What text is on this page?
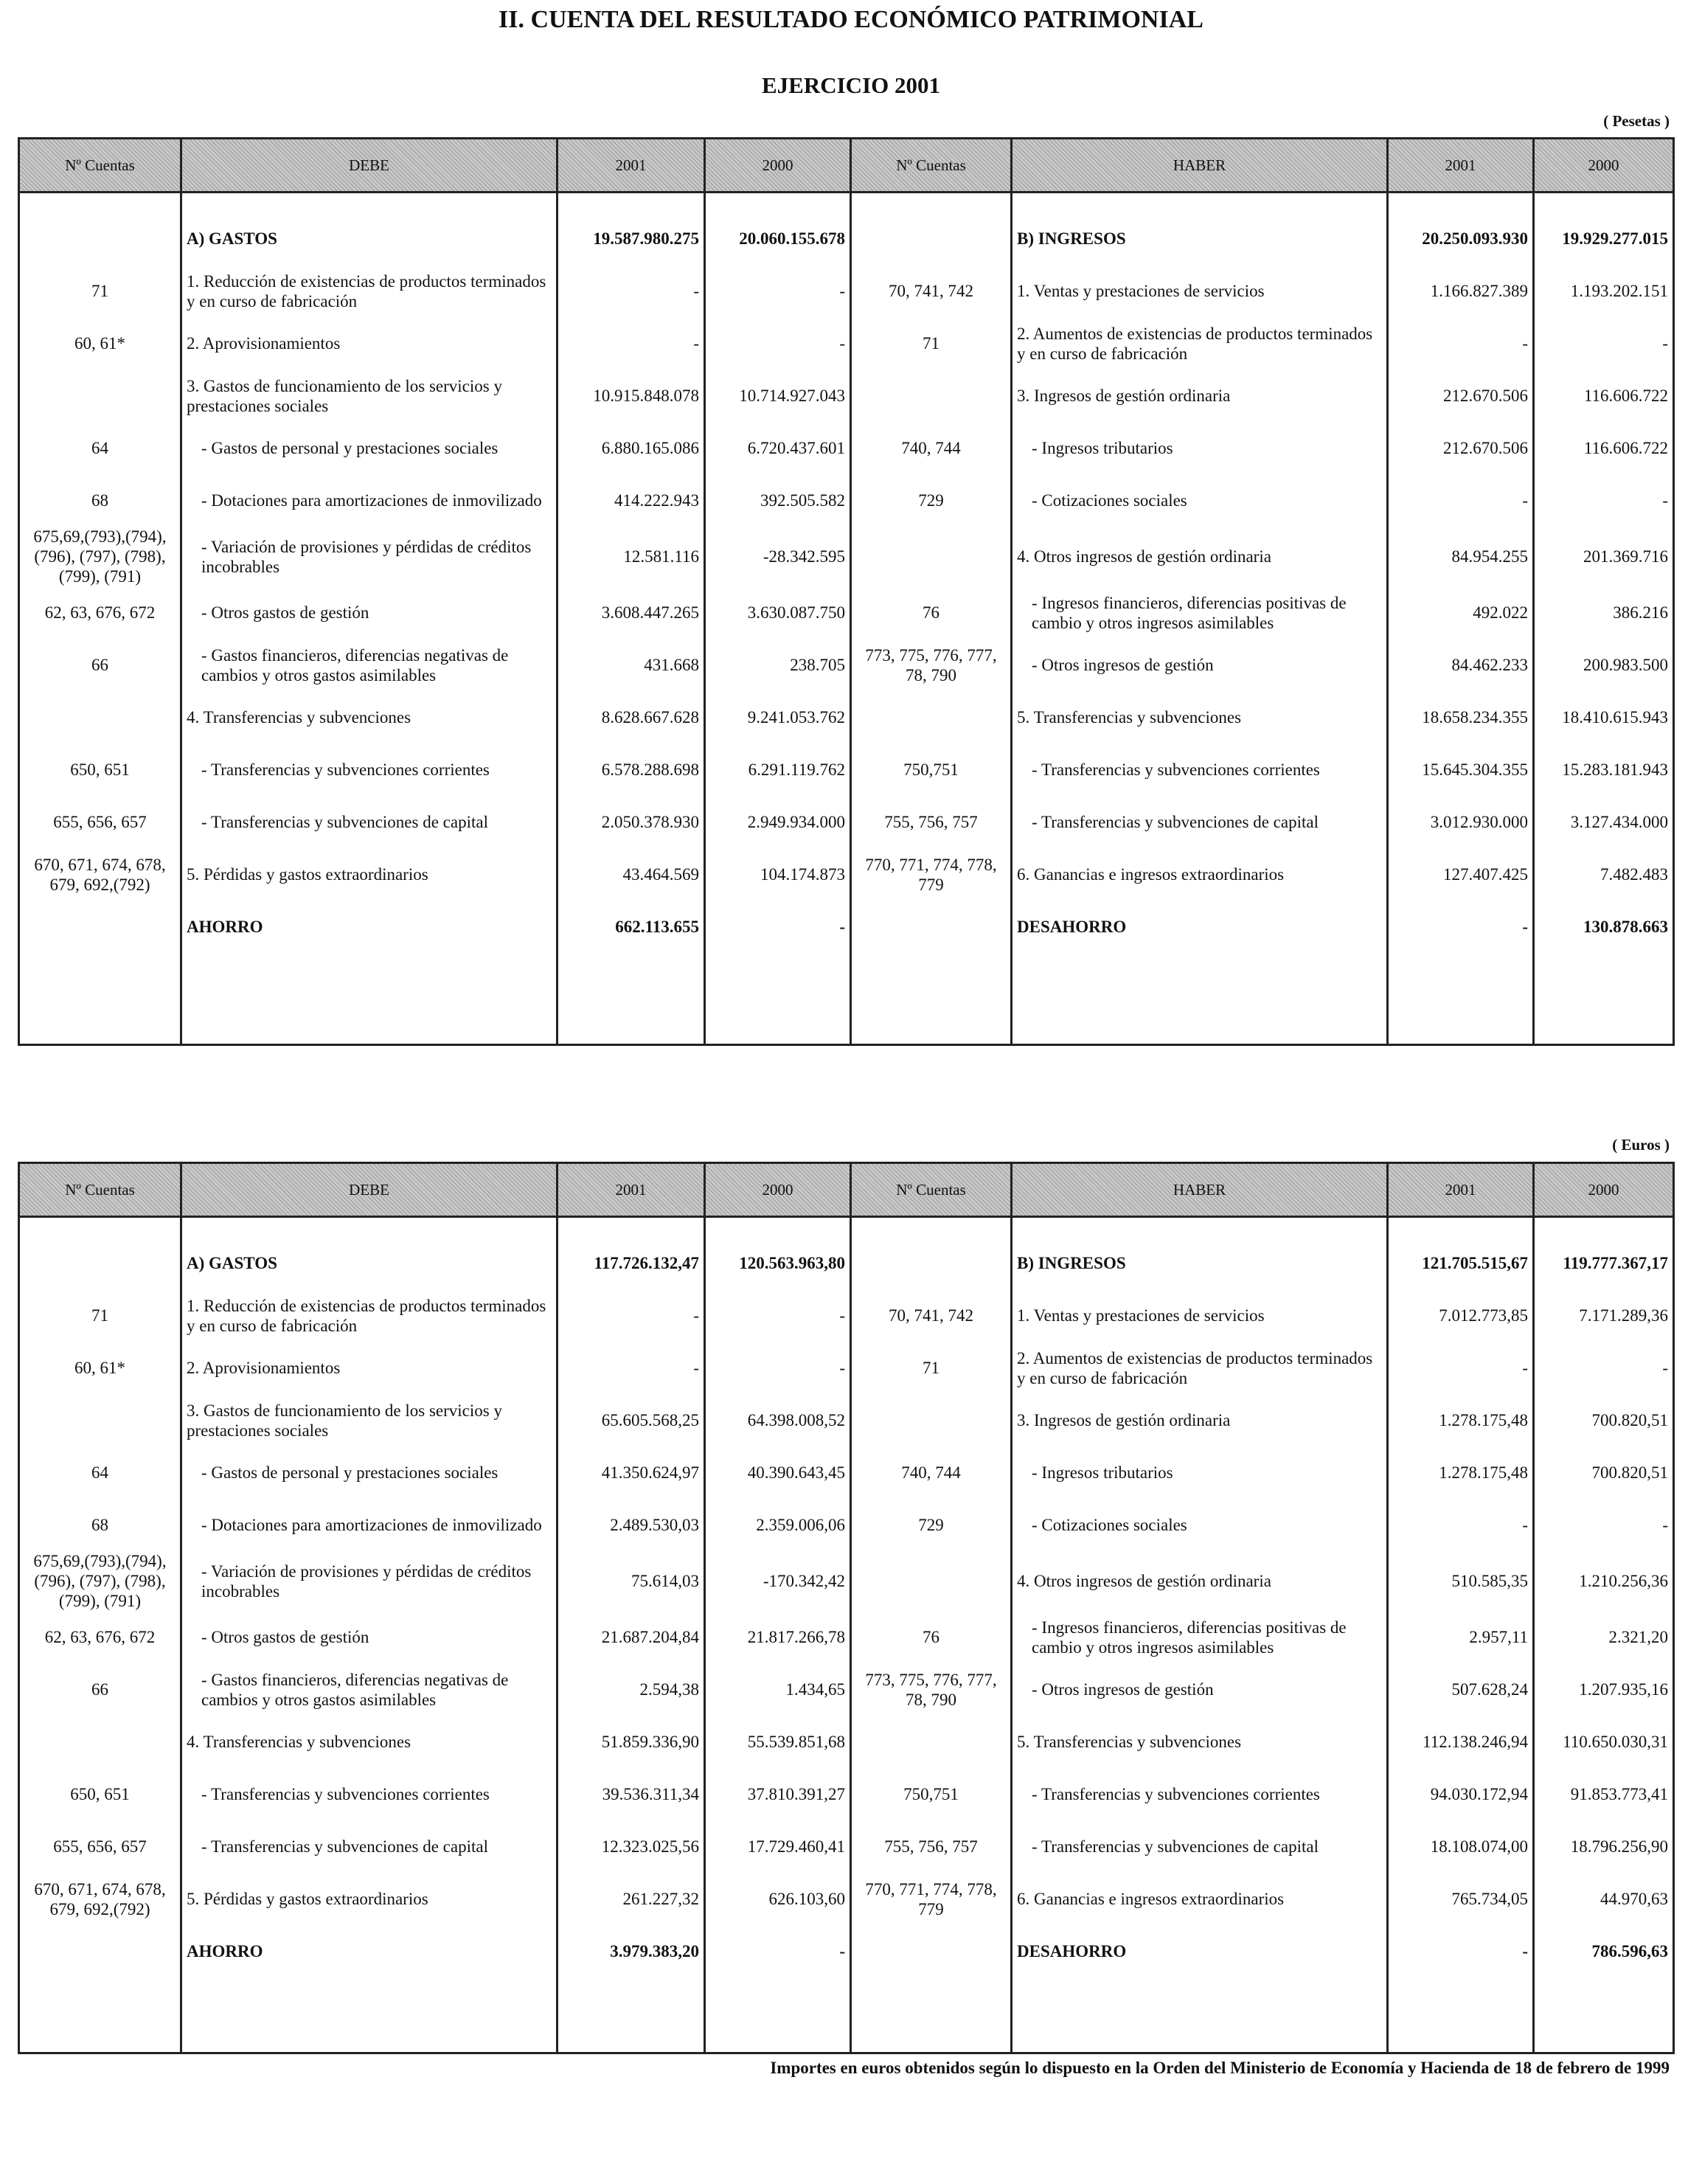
II. CUENTA DEL RESULTADO ECONÓMICO PATRIMONIAL
EJERCICIO 2001
( Pesetas )
Nº Cuentas	DEBE	2001	2000	Nº Cuentas	HABER	2001	2000

	A) GASTOS	19.587.980.275	20.060.155.678		B) INGRESOS	20.250.093.930	19.929.277.015
71	1. Reducción de existencias de productos terminados y en curso de fabricación	-	-	70, 741, 742	1. Ventas y prestaciones de servicios	1.166.827.389	1.193.202.151
60, 61*	2. Aprovisionamientos	-	-	71	2. Aumentos de existencias de productos terminados y en curso de fabricación	-	-
	3. Gastos de funcionamiento de los servicios y prestaciones sociales	10.915.848.078	10.714.927.043		3. Ingresos de gestión ordinaria	212.670.506	116.606.722
64	- Gastos de personal y prestaciones sociales	6.880.165.086	6.720.437.601	740, 744	- Ingresos tributarios	212.670.506	116.606.722
68	- Dotaciones para amortizaciones de inmovilizado	414.222.943	392.505.582	729	- Cotizaciones sociales	-	-
675,69,(793),(794), (796), (797), (798), (799), (791)	- Variación de provisiones y pérdidas de créditos incobrables	12.581.116	-28.342.595		4. Otros ingresos de gestión ordinaria	84.954.255	201.369.716
62, 63, 676, 672	- Otros gastos de gestión	3.608.447.265	3.630.087.750	76	- Ingresos financieros, diferencias positivas de cambio y otros ingresos asimilables	492.022	386.216
66	- Gastos financieros, diferencias negativas de cambios y otros gastos asimilables	431.668	238.705	773, 775, 776, 777, 78, 790	- Otros ingresos de gestión	84.462.233	200.983.500
	4. Transferencias y subvenciones	8.628.667.628	9.241.053.762		5. Transferencias y subvenciones	18.658.234.355	18.410.615.943
650, 651	- Transferencias y subvenciones corrientes	6.578.288.698	6.291.119.762	750,751	- Transferencias y subvenciones corrientes	15.645.304.355	15.283.181.943
655, 656, 657	- Transferencias y subvenciones de capital	2.050.378.930	2.949.934.000	755, 756, 757	- Transferencias y subvenciones de capital	3.012.930.000	3.127.434.000
670, 671, 674, 678, 679, 692,(792)	5. Pérdidas y gastos extraordinarios	43.464.569	104.174.873	770, 771, 774, 778, 779	6. Ganancias e ingresos extraordinarios	127.407.425	7.482.483

	AHORRO	662.113.655	-		DESAHORRO	-	130.878.663

( Euros )
Nº Cuentas	DEBE	2001	2000	Nº Cuentas	HABER	2001	2000

	A) GASTOS	117.726.132,47	120.563.963,80		B) INGRESOS	121.705.515,67	119.777.367,17
71	1. Reducción de existencias de productos terminados y en curso de fabricación	-	-	70, 741, 742	1. Ventas y prestaciones de servicios	7.012.773,85	7.171.289,36
60, 61*	2. Aprovisionamientos	-	-	71	2. Aumentos de existencias de productos terminados y en curso de fabricación	-	-
	3. Gastos de funcionamiento de los servicios y prestaciones sociales	65.605.568,25	64.398.008,52		3. Ingresos de gestión ordinaria	1.278.175,48	700.820,51
64	- Gastos de personal y prestaciones sociales	41.350.624,97	40.390.643,45	740, 744	- Ingresos tributarios	1.278.175,48	700.820,51
68	- Dotaciones para amortizaciones de inmovilizado	2.489.530,03	2.359.006,06	729	- Cotizaciones sociales	-	-
675,69,(793),(794), (796), (797), (798), (799), (791)	- Variación de provisiones y pérdidas de créditos incobrables	75.614,03	-170.342,42		4. Otros ingresos de gestión ordinaria	510.585,35	1.210.256,36
62, 63, 676, 672	- Otros gastos de gestión	21.687.204,84	21.817.266,78	76	- Ingresos financieros, diferencias positivas de cambio y otros ingresos asimilables	2.957,11	2.321,20
66	- Gastos financieros, diferencias negativas de cambios y otros gastos asimilables	2.594,38	1.434,65	773, 775, 776, 777, 78, 790	- Otros ingresos de gestión	507.628,24	1.207.935,16
	4. Transferencias y subvenciones	51.859.336,90	55.539.851,68		5. Transferencias y subvenciones	112.138.246,94	110.650.030,31
650, 651	- Transferencias y subvenciones corrientes	39.536.311,34	37.810.391,27	750,751	- Transferencias y subvenciones corrientes	94.030.172,94	91.853.773,41
655, 656, 657	- Transferencias y subvenciones de capital	12.323.025,56	17.729.460,41	755, 756, 757	- Transferencias y subvenciones de capital	18.108.074,00	18.796.256,90
670, 671, 674, 678, 679, 692,(792)	5. Pérdidas y gastos extraordinarios	261.227,32	626.103,60	770, 771, 774, 778, 779	6. Ganancias e ingresos extraordinarios	765.734,05	44.970,63

	AHORRO	3.979.383,20	-		DESAHORRO	-	786.596,63

Importes en euros obtenidos según lo dispuesto en la Orden del Ministerio de Economía y Hacienda de 18 de febrero de 1999
